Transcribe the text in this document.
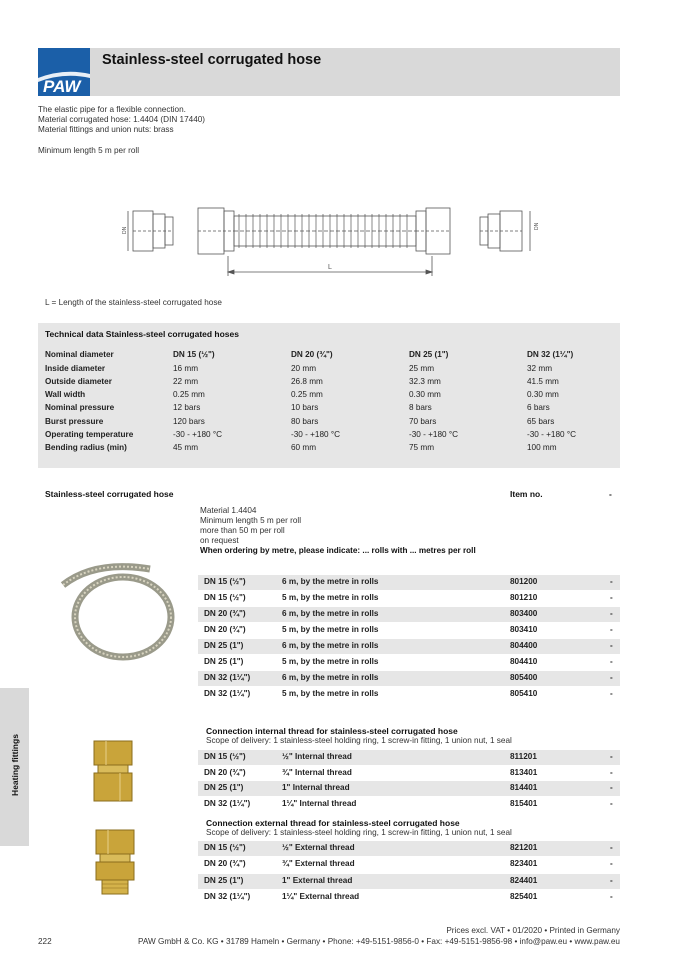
PAW
Stainless-steel corrugated hose
The elastic pipe for a flexible connection.
Material corrugated hose: 1.4404 (DIN 17440)
Material fittings and union nuts: brass
Minimum length 5 m per roll
L
DN
DN
L = Length of the stainless-steel corrugated hose
Technical data Stainless-steel corrugated hoses
Nominal diameter	DN 15 (½")	DN 20 (¾")	DN 25 (1")	DN 32 (1¼")
Inside diameter	16 mm	20 mm	25 mm	32 mm
Outside diameter	22 mm	26.8 mm	32.3 mm	41.5 mm
Wall width	0.25 mm	0.25 mm	0.30 mm	0.30 mm
Nominal pressure	12 bars	10 bars	8 bars	6 bars
Burst pressure	120 bars	80 bars	70 bars	65 bars
Operating temperature	-30 - +180 °C	-30 - +180 °C	-30 - +180 °C	-30 - +180 °C
Bending radius (min)	45 mm	60 mm	75 mm	100 mm
Stainless-steel corrugated hose	Item no.	-
Material 1.4404
Minimum length 5 m per roll
more than 50 m per roll
on request
When ordering by metre, please indicate: ... rolls with ... metres per roll
DN 15 (½")	6 m, by the metre in rolls	801200	-
DN 15 (½")	5 m, by the metre in rolls	801210	-
DN 20 (¾")	6 m, by the metre in rolls	803400	-
DN 20 (¾")	5 m, by the metre in rolls	803410	-
DN 25 (1")	6 m, by the metre in rolls	804400	-
DN 25 (1")	5 m, by the metre in rolls	804410	-
DN 32 (1¼")	6 m, by the metre in rolls	805400	-
DN 32 (1¼")	5 m, by the metre in rolls	805410	-
Connection internal thread for stainless-steel corrugated hose
Scope of delivery: 1 stainless-steel holding ring, 1 screw-in fitting, 1 union nut, 1 seal
DN 15 (½")	½" Internal thread	811201	-
DN 20 (¾")	¾" Internal thread	813401	-
DN 25 (1")	1" Internal thread	814401	-
DN 32 (1¼")	1¼" Internal thread	815401	-
Connection external thread for stainless-steel corrugated hose
Scope of delivery: 1 stainless-steel holding ring, 1 screw-in fitting, 1 union nut, 1 seal
DN 15 (½")	½" External thread	821201	-
DN 20 (¾")	¾" External thread	823401	-
DN 25 (1")	1" External thread	824401	-
DN 32 (1¼")	1¼" External thread	825401	-
Heating fittings
Prices excl. VAT • 01/2020 • Printed in Germany
222	PAW GmbH & Co. KG • 31789 Hameln • Germany • Phone: +49-5151-9856-0 • Fax: +49-5151-9856-98 • info@paw.eu • www.paw.eu
